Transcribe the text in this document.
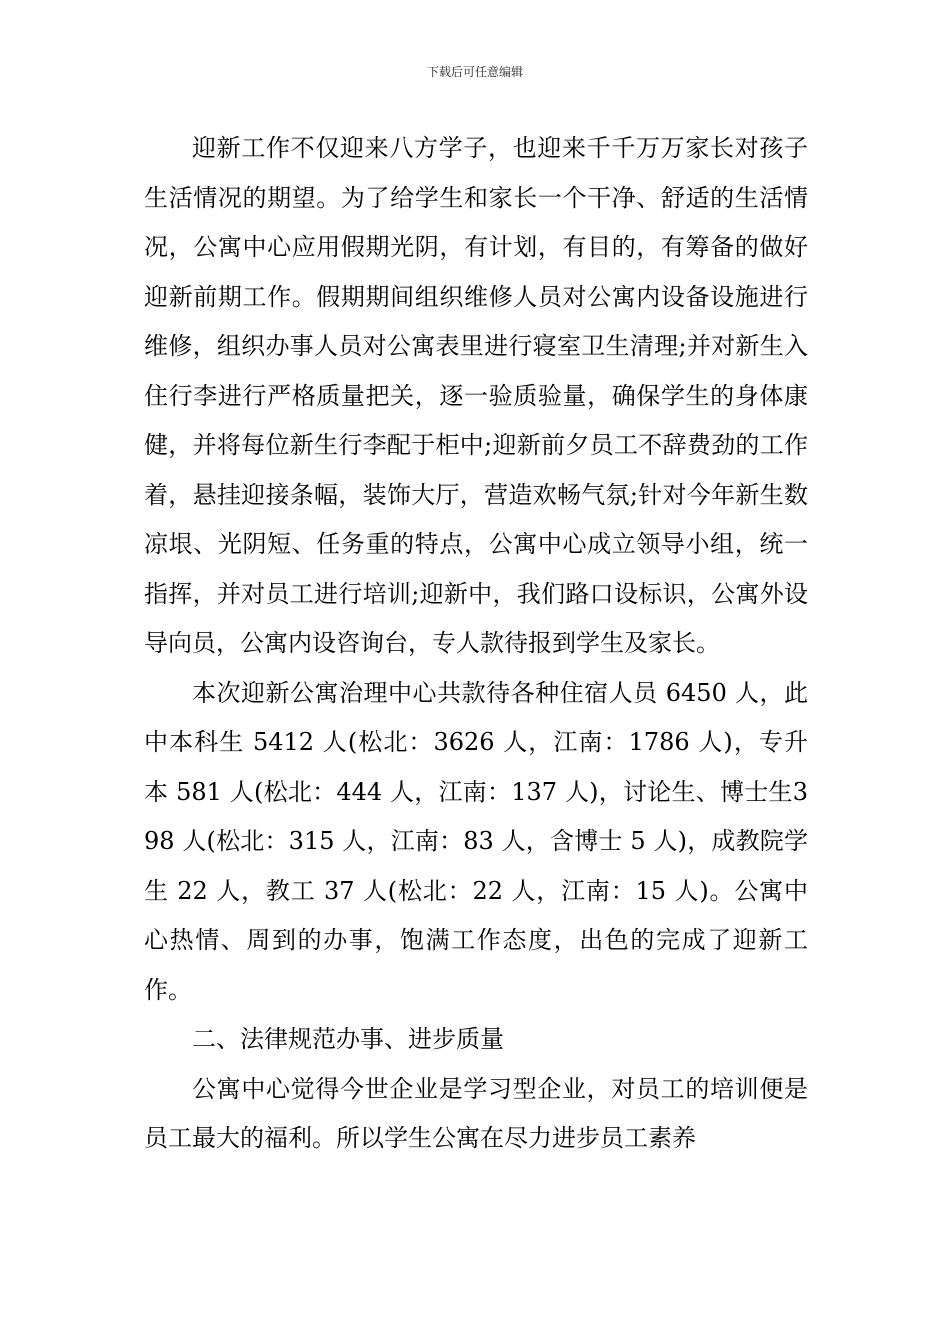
下载后可任意编辑

迎新工作不仅迎来八方学子，也迎来千千万万家长对孩子生活情况的期望。为了给学生和家长一个干净、舒适的生活情况，公寓中心应用假期光阴，有计划，有目的，有筹备的做好迎新前期工作。假期期间组织维修人员对公寓内设备设施进行维修，组织办事人员对公寓表里进行寝室卫生清理;并对新生入住行李进行严格质量把关，逐一验质验量，确保学生的身体康健，并将每位新生行李配于柜中;迎新前夕员工不辞费劲的工作着，悬挂迎接条幅，装饰大厅，营造欢畅气氛;针对今年新生数凉垠、光阴短、任务重的特点，公寓中心成立领导小组，统一指挥，并对员工进行培训;迎新中，我们路口设标识，公寓外设导向员，公寓内设咨询台，专人款待报到学生及家长。

本次迎新公寓治理中心共款待各种住宿人员 6450 人，此中本科生 5412 人(松北：3626 人，江南：1786 人)，专升本 581 人(松北：444 人，江南：137 人)，讨论生、博士生398 人(松北：315 人，江南：83 人，含博士 5 人)，成教院学生 22 人，教工 37 人(松北：22 人，江南：15 人)。公寓中心热情、周到的办事，饱满工作态度，出色的完成了迎新工作。

二、法律规范办事、进步质量

公寓中心觉得今世企业是学习型企业，对员工的培训便是员工最大的福利。所以学生公寓在尽力进步员工素养
